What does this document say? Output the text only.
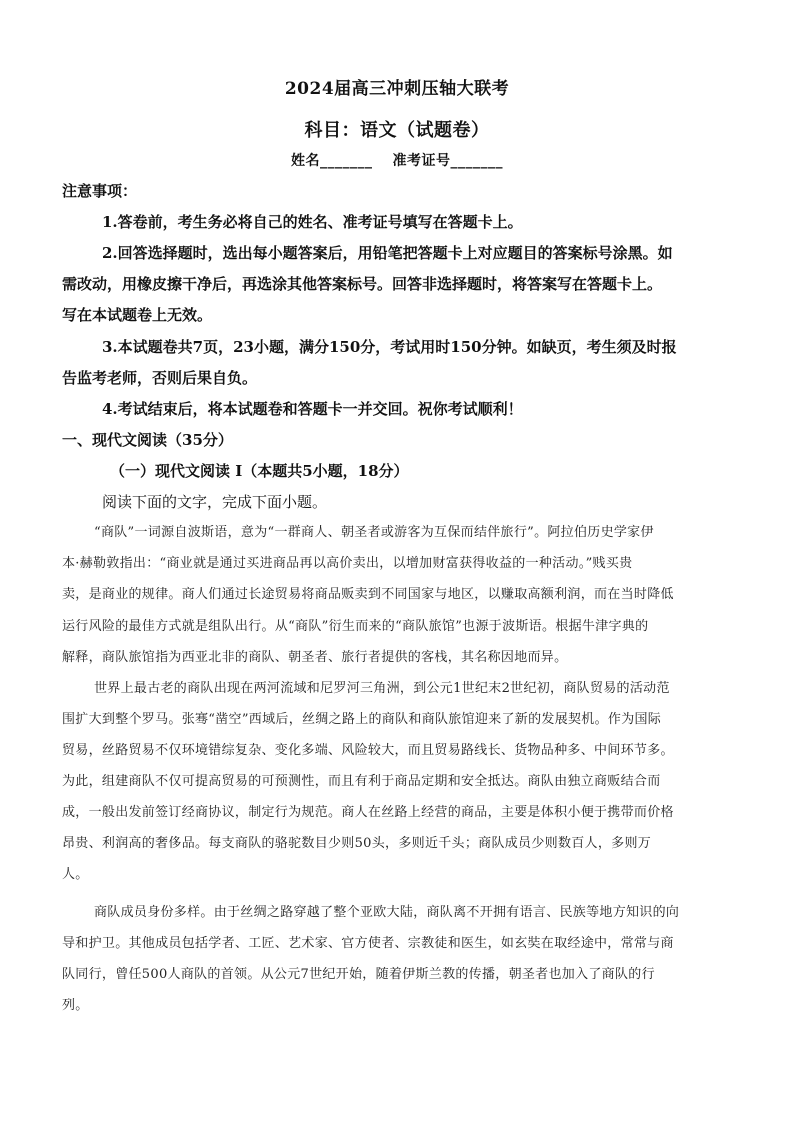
2024届高三冲刺压轴大联考
科目：语文（试题卷）
姓名_______ 准考证号_______
注意事项：
1.答卷前，考生务必将自己的姓名、准考证号填写在答题卡上。
2.回答选择题时，选出每小题答案后，用铅笔把答题卡上对应题目的答案标号涂黑。如
需改动，用橡皮擦干净后，再选涂其他答案标号。回答非选择题时，将答案写在答题卡上。
写在本试题卷上无效。
3.本试题卷共7页，23小题，满分150分，考试用时150分钟。如缺页，考生须及时报
告监考老师，否则后果自负。
4.考试结束后，将本试题卷和答题卡一并交回。祝你考试顺利！
一、现代文阅读（35分）
（一）现代文阅读 I（本题共5小题，18分）
阅读下面的文字，完成下面小题。
“商队”一词源自波斯语，意为“一群商人、朝圣者或游客为互保而结伴旅行”。阿拉伯历史学家伊
本·赫勒敦指出：“商业就是通过买进商品再以高价卖出，以增加财富获得收益的一种活动。”贱买贵
卖，是商业的规律。商人们通过长途贸易将商品贩卖到不同国家与地区，以赚取高额利润，而在当时降低
运行风险的最佳方式就是组队出行。从“商队”衍生而来的“商队旅馆”也源于波斯语。根据牛津字典的
解释，商队旅馆指为西亚北非的商队、朝圣者、旅行者提供的客栈，其名称因地而异。
世界上最古老的商队出现在两河流域和尼罗河三角洲，到公元1世纪末2世纪初，商队贸易的活动范
围扩大到整个罗马。张骞“凿空”西域后，丝绸之路上的商队和商队旅馆迎来了新的发展契机。作为国际
贸易，丝路贸易不仅环境错综复杂、变化多端、风险较大，而且贸易路线长、货物品种多、中间环节多。
为此，组建商队不仅可提高贸易的可预测性，而且有利于商品定期和安全抵达。商队由独立商贩结合而
成，一般出发前签订经商协议，制定行为规范。商人在丝路上经营的商品，主要是体积小便于携带而价格
昂贵、利润高的奢侈品。每支商队的骆驼数目少则50头，多则近千头；商队成员少则数百人，多则万
人。
商队成员身份多样。由于丝绸之路穿越了整个亚欧大陆，商队离不开拥有语言、民族等地方知识的向
导和护卫。其他成员包括学者、工匠、艺术家、官方使者、宗教徒和医生，如玄奘在取经途中，常常与商
队同行，曾任500人商队的首领。从公元7世纪开始，随着伊斯兰教的传播，朝圣者也加入了商队的行
列。
